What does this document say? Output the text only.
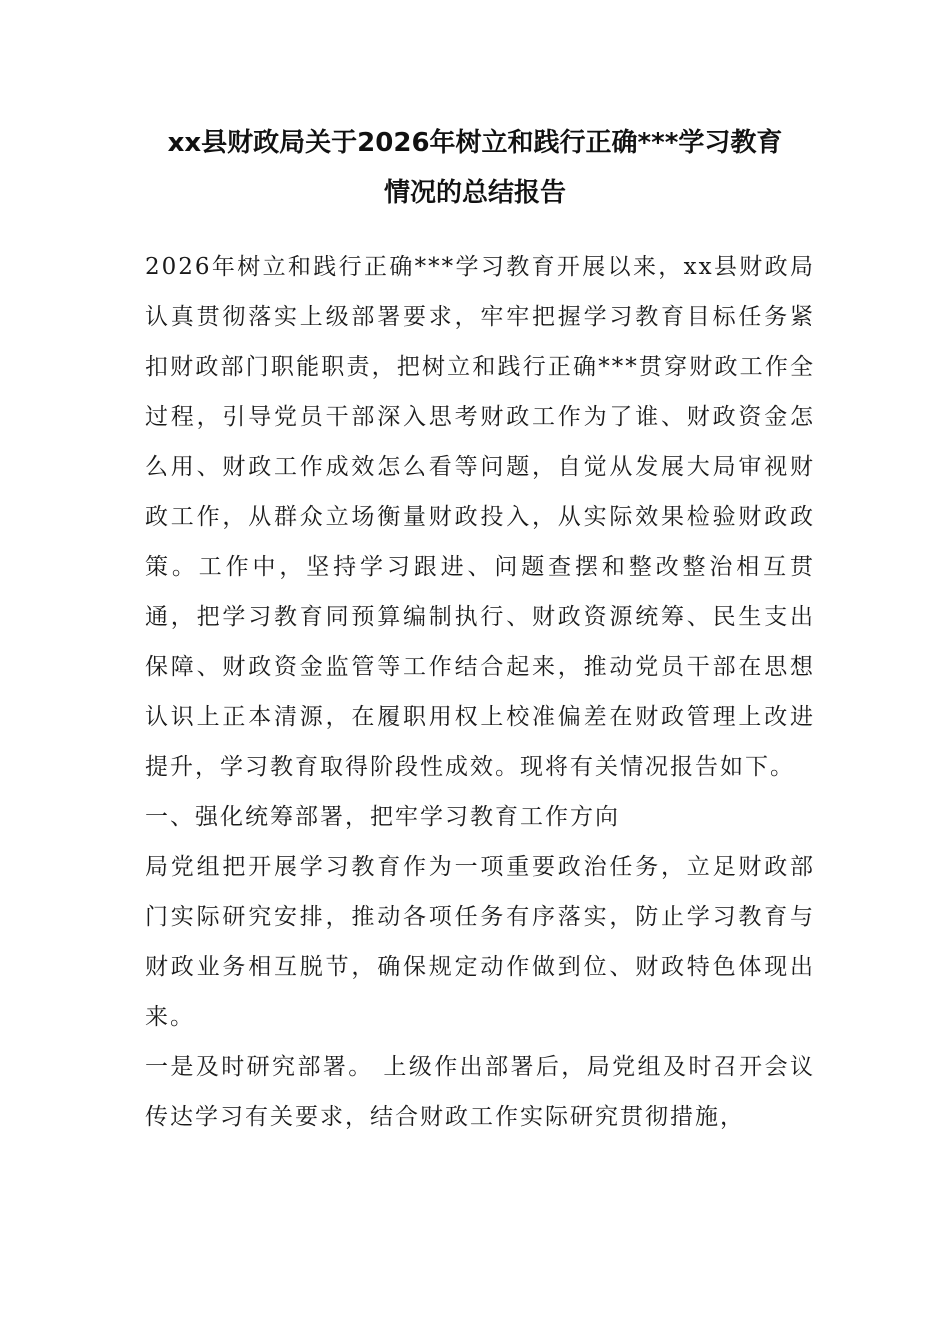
xx县财政局关于2026年树立和践行正确***学习教育
情况的总结报告

2026年树立和践行正确***学习教育开展以来，xx县财政局认真贯彻落实上级部署要求，牢牢把握学习教育目标任务紧扣财政部门职能职责，把树立和践行正确***贯穿财政工作全过程，引导党员干部深入思考财政工作为了谁、财政资金怎么用、财政工作成效怎么看等问题，自觉从发展大局审视财政工作，从群众立场衡量财政投入，从实际效果检验财政政策。工作中，坚持学习跟进、问题查摆和整改整治相互贯通，把学习教育同预算编制执行、财政资源统筹、民生支出保障、财政资金监管等工作结合起来，推动党员干部在思想认识上正本清源，在履职用权上校准偏差在财政管理上改进提升，学习教育取得阶段性成效。现将有关情况报告如下。

一、强化统筹部署，把牢学习教育工作方向

局党组把开展学习教育作为一项重要政治任务，立足财政部门实际研究安排，推动各项任务有序落实，防止学习教育与财政业务相互脱节，确保规定动作做到位、财政特色体现出来。

一是及时研究部署。 上级作出部署后，局党组及时召开会议传达学习有关要求，结合财政工作实际研究贯彻措施，
